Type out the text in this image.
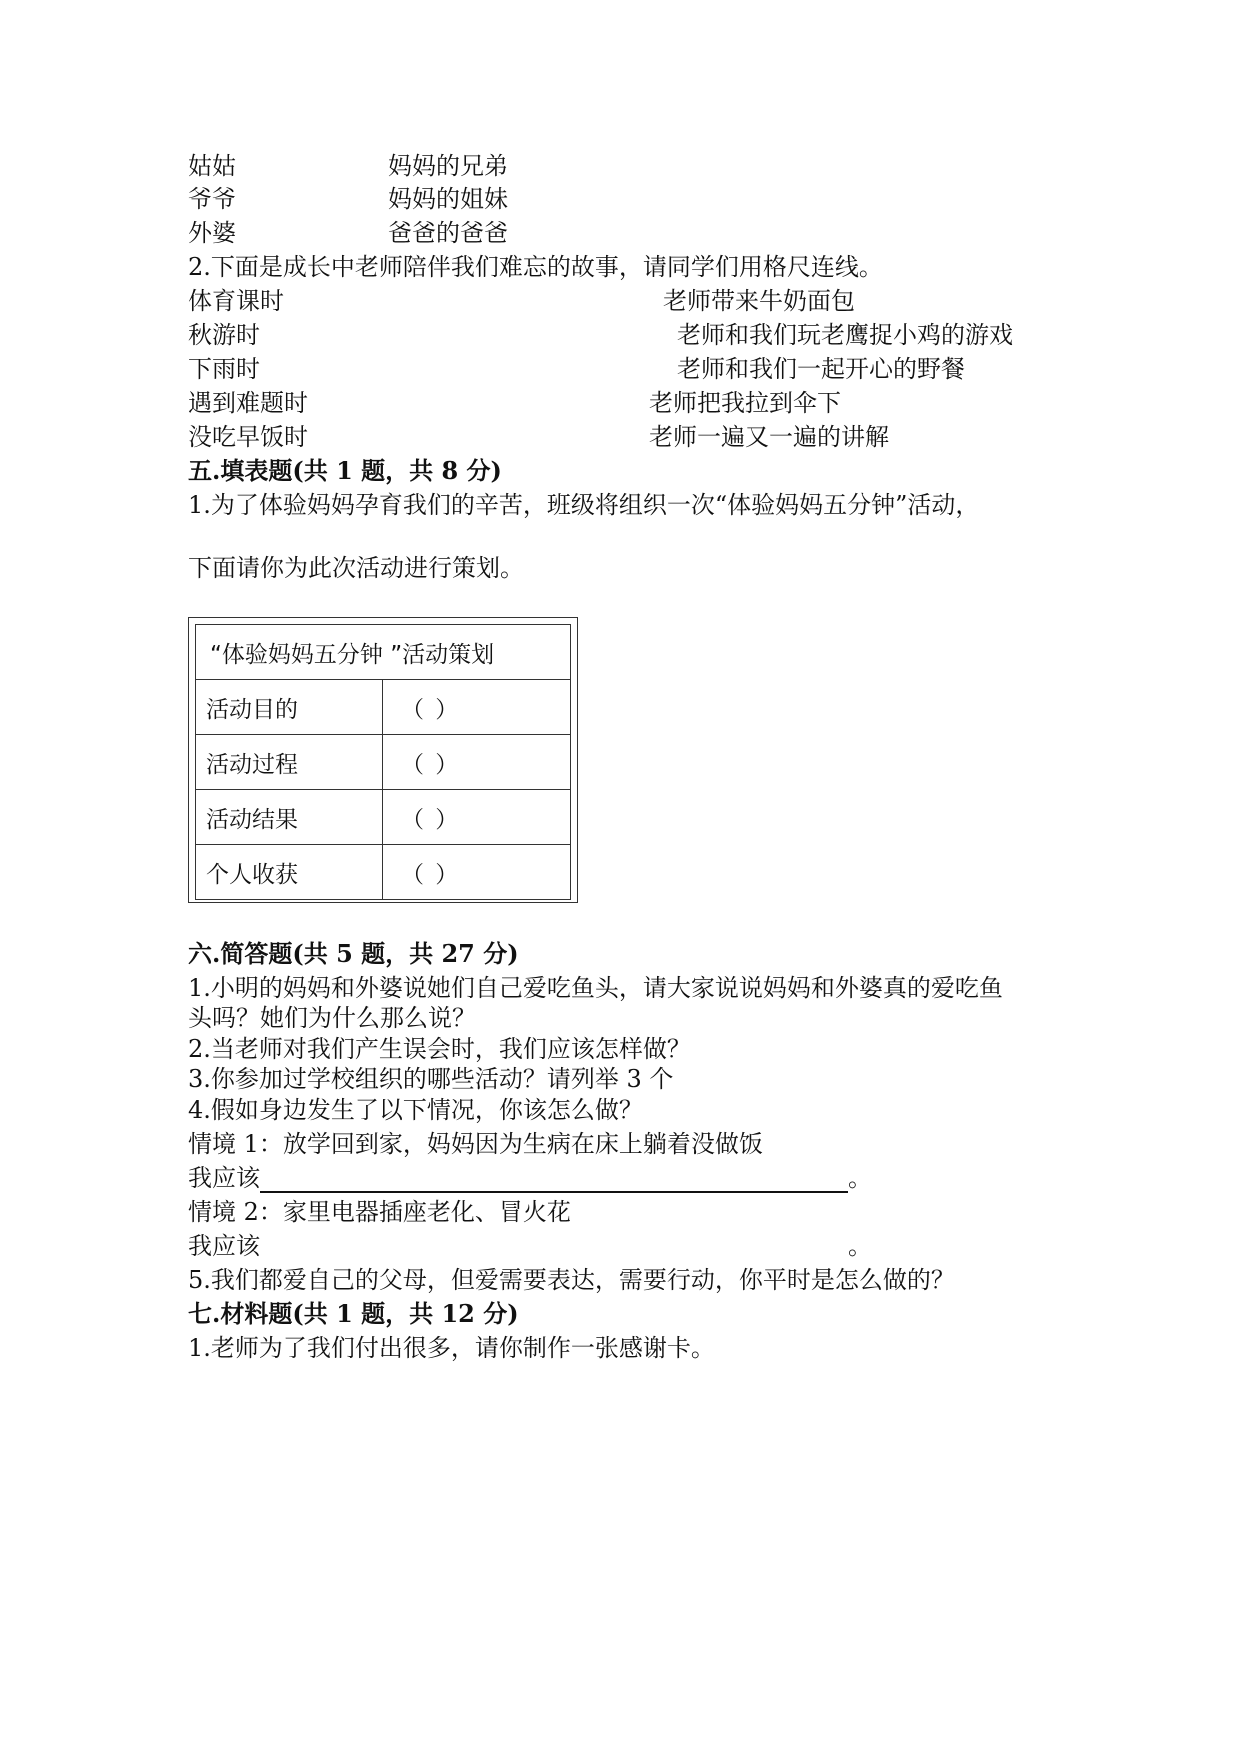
姑姑	妈妈的兄弟
爷爷	妈妈的姐妹
外婆	爸爸的爸爸
2.下面是成长中老师陪伴我们难忘的故事，请同学们用格尺连线。
体育课时	老师带来牛奶面包
秋游时	老师和我们玩老鹰捉小鸡的游戏
下雨时	老师和我们一起开心的野餐
遇到难题时	老师把我拉到伞下
没吃早饭时	老师一遍又一遍的讲解
五.填表题(共 1 题，共 8 分)
1.为了体验妈妈孕育我们的辛苦，班级将组织一次“体验妈妈五分钟”活动，
下面请你为此次活动进行策划。
“体验妈妈五分钟 ”活动策划	
活动目的	（ ）
活动过程	（ ）
活动结果	（ ）
个人收获	（ ）
六.简答题(共 5 题，共 27 分)
1.小明的妈妈和外婆说她们自己爱吃鱼头，请大家说说妈妈和外婆真的爱吃鱼
头吗？她们为什么那么说？
2.当老师对我们产生误会时，我们应该怎样做？
3.你参加过学校组织的哪些活动？请列举 3 个
4.假如身边发生了以下情况，你该怎么做？
情境 1：放学回到家，妈妈因为生病在床上躺着没做饭
我应该	。
情境 2：家里电器插座老化、冒火花
我应该	。
5.我们都爱自己的父母，但爱需要表达，需要行动，你平时是怎么做的？
七.材料题(共 1 题，共 12 分)
1.老师为了我们付出很多，请你制作一张感谢卡。
